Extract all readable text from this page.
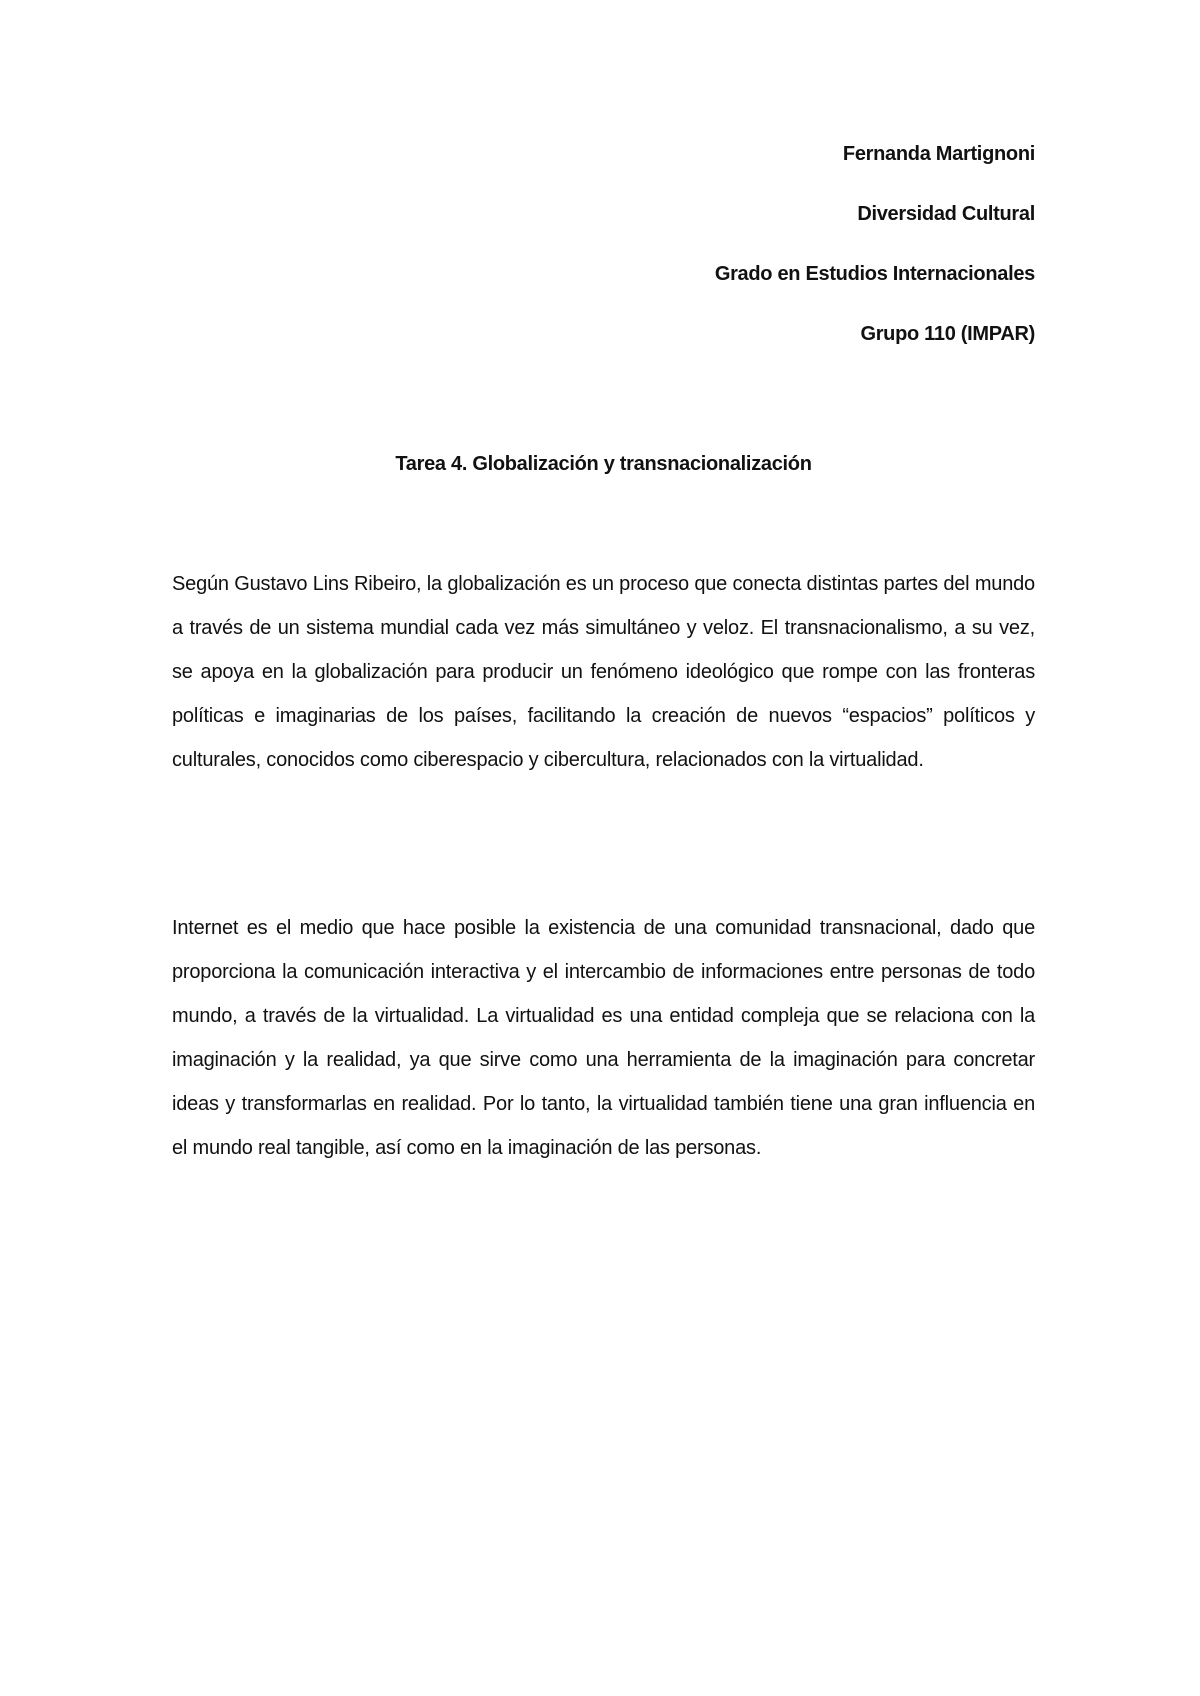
Fernanda Martignoni
Diversidad Cultural
Grado en Estudios Internacionales
Grupo 110 (IMPAR)
Tarea 4. Globalización y transnacionalización

Según Gustavo Lins Ribeiro, la globalización es un proceso que conecta distintas partes del mundo a través de un sistema mundial cada vez más simultáneo y veloz. El transnacionalismo, a su vez, se apoya en la globalización para producir un fenómeno ideológico que rompe con las fronteras políticas e imaginarias de los países, facilitando la creación de nuevos “espacios” políticos y culturales, conocidos como ciberespacio y cibercultura, relacionados con la virtualidad.

Internet es el medio que hace posible la existencia de una comunidad transnacional, dado que proporciona la comunicación interactiva y el intercambio de informaciones entre personas de todo mundo, a través de la virtualidad. La virtualidad es una entidad compleja que se relaciona con la imaginación y la realidad, ya que sirve como una herramienta de la imaginación para concretar ideas y transformarlas en realidad. Por lo tanto, la virtualidad también tiene una gran influencia en el mundo real tangible, así como en la imaginación de las personas.
